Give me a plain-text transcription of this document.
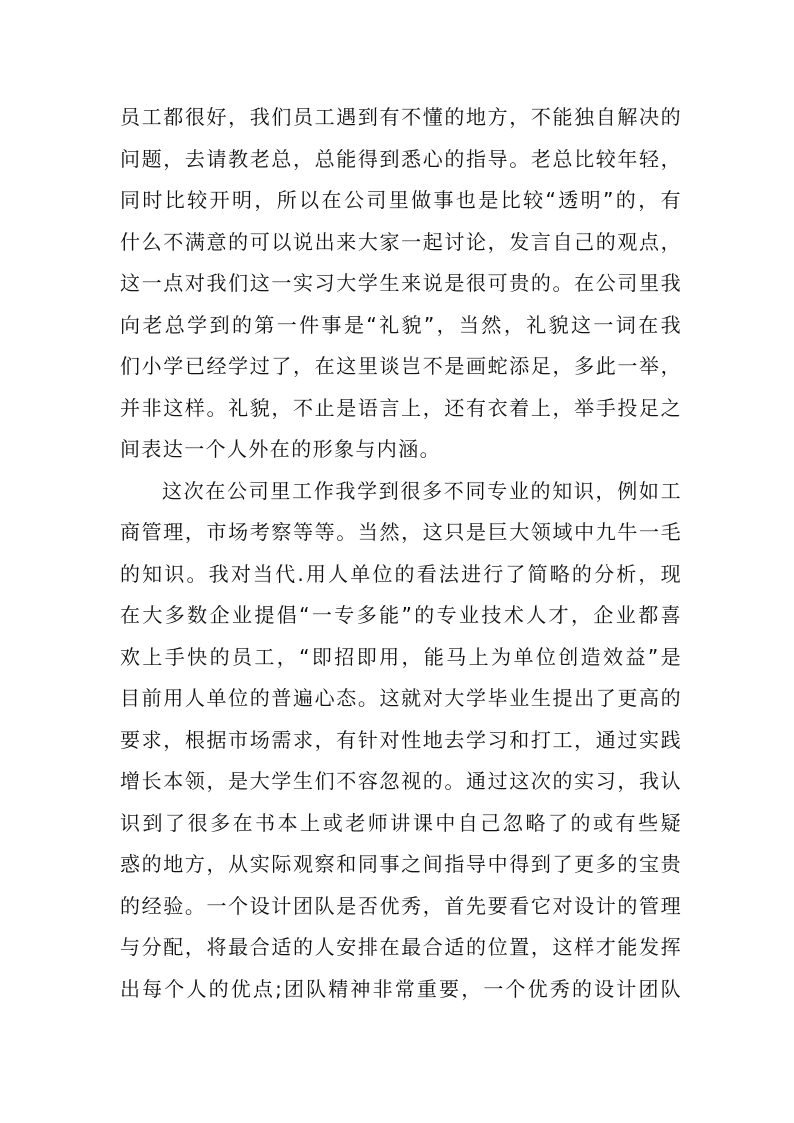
员工都很好，我们员工遇到有不懂的地方，不能独自解决的
问题，去请教老总，总能得到悉心的指导。老总比较年轻，
同时比较开明，所以在公司里做事也是比较“透明”的，有
什么不满意的可以说出来大家一起讨论，发言自己的观点，
这一点对我们这一实习大学生来说是很可贵的。在公司里我
向老总学到的第一件事是“礼貌”，当然，礼貌这一词在我
们小学已经学过了，在这里谈岂不是画蛇添足，多此一举，
并非这样。礼貌，不止是语言上，还有衣着上，举手投足之
间表达一个人外在的形象与内涵。
这次在公司里工作我学到很多不同专业的知识，例如工
商管理，市场考察等等。当然，这只是巨大领域中九牛一毛
的知识。我对当代.用人单位的看法进行了简略的分析，现
在大多数企业提倡“一专多能”的专业技术人才，企业都喜
欢上手快的员工，“即招即用，能马上为单位创造效益”是
目前用人单位的普遍心态。这就对大学毕业生提出了更高的
要求，根据市场需求，有针对性地去学习和打工，通过实践
增长本领，是大学生们不容忽视的。通过这次的实习，我认
识到了很多在书本上或老师讲课中自己忽略了的或有些疑
惑的地方，从实际观察和同事之间指导中得到了更多的宝贵
的经验。一个设计团队是否优秀，首先要看它对设计的管理
与分配，将最合适的人安排在最合适的位置，这样才能发挥
出每个人的优点;团队精神非常重要，一个优秀的设计团队
